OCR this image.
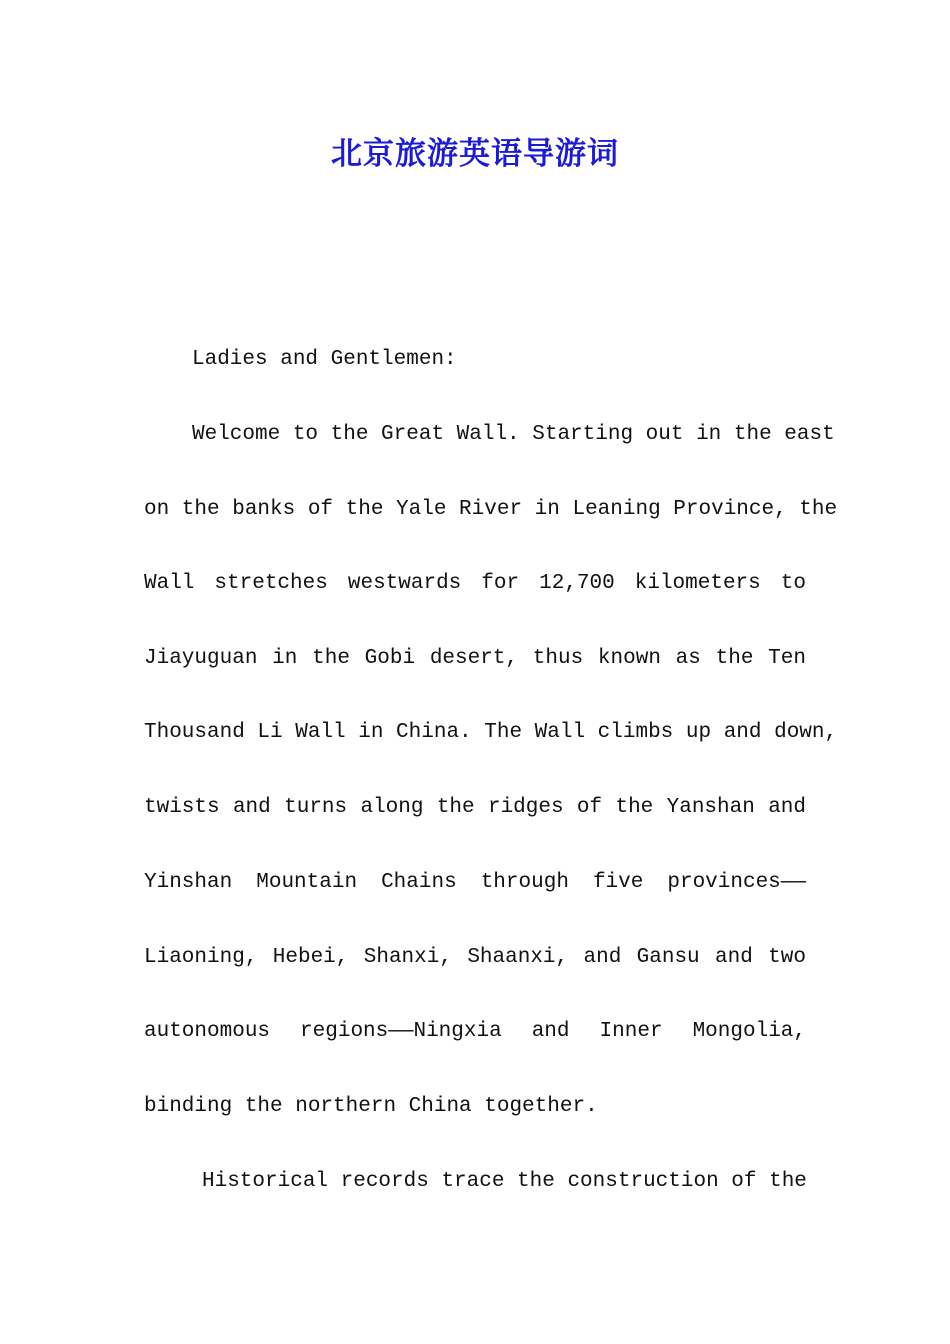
北京旅游英语导游词
Ladies and Gentlemen:
Welcome to the Great Wall. Starting out in the east
on the banks of the Yale River in Leaning Province, the
Wall stretches westwards for 12,700 kilometers to
Jiayuguan in the Gobi desert, thus known as the Ten
Thousand Li Wall in China. The Wall climbs up and down,
twists and turns along the ridges of the Yanshan and
Yinshan Mountain Chains through five provinces——
Liaoning, Hebei, Shanxi, Shaanxi, and Gansu and two
autonomous regions——Ningxia and Inner Mongolia,
binding the northern China together.
Historical records trace the construction of the
